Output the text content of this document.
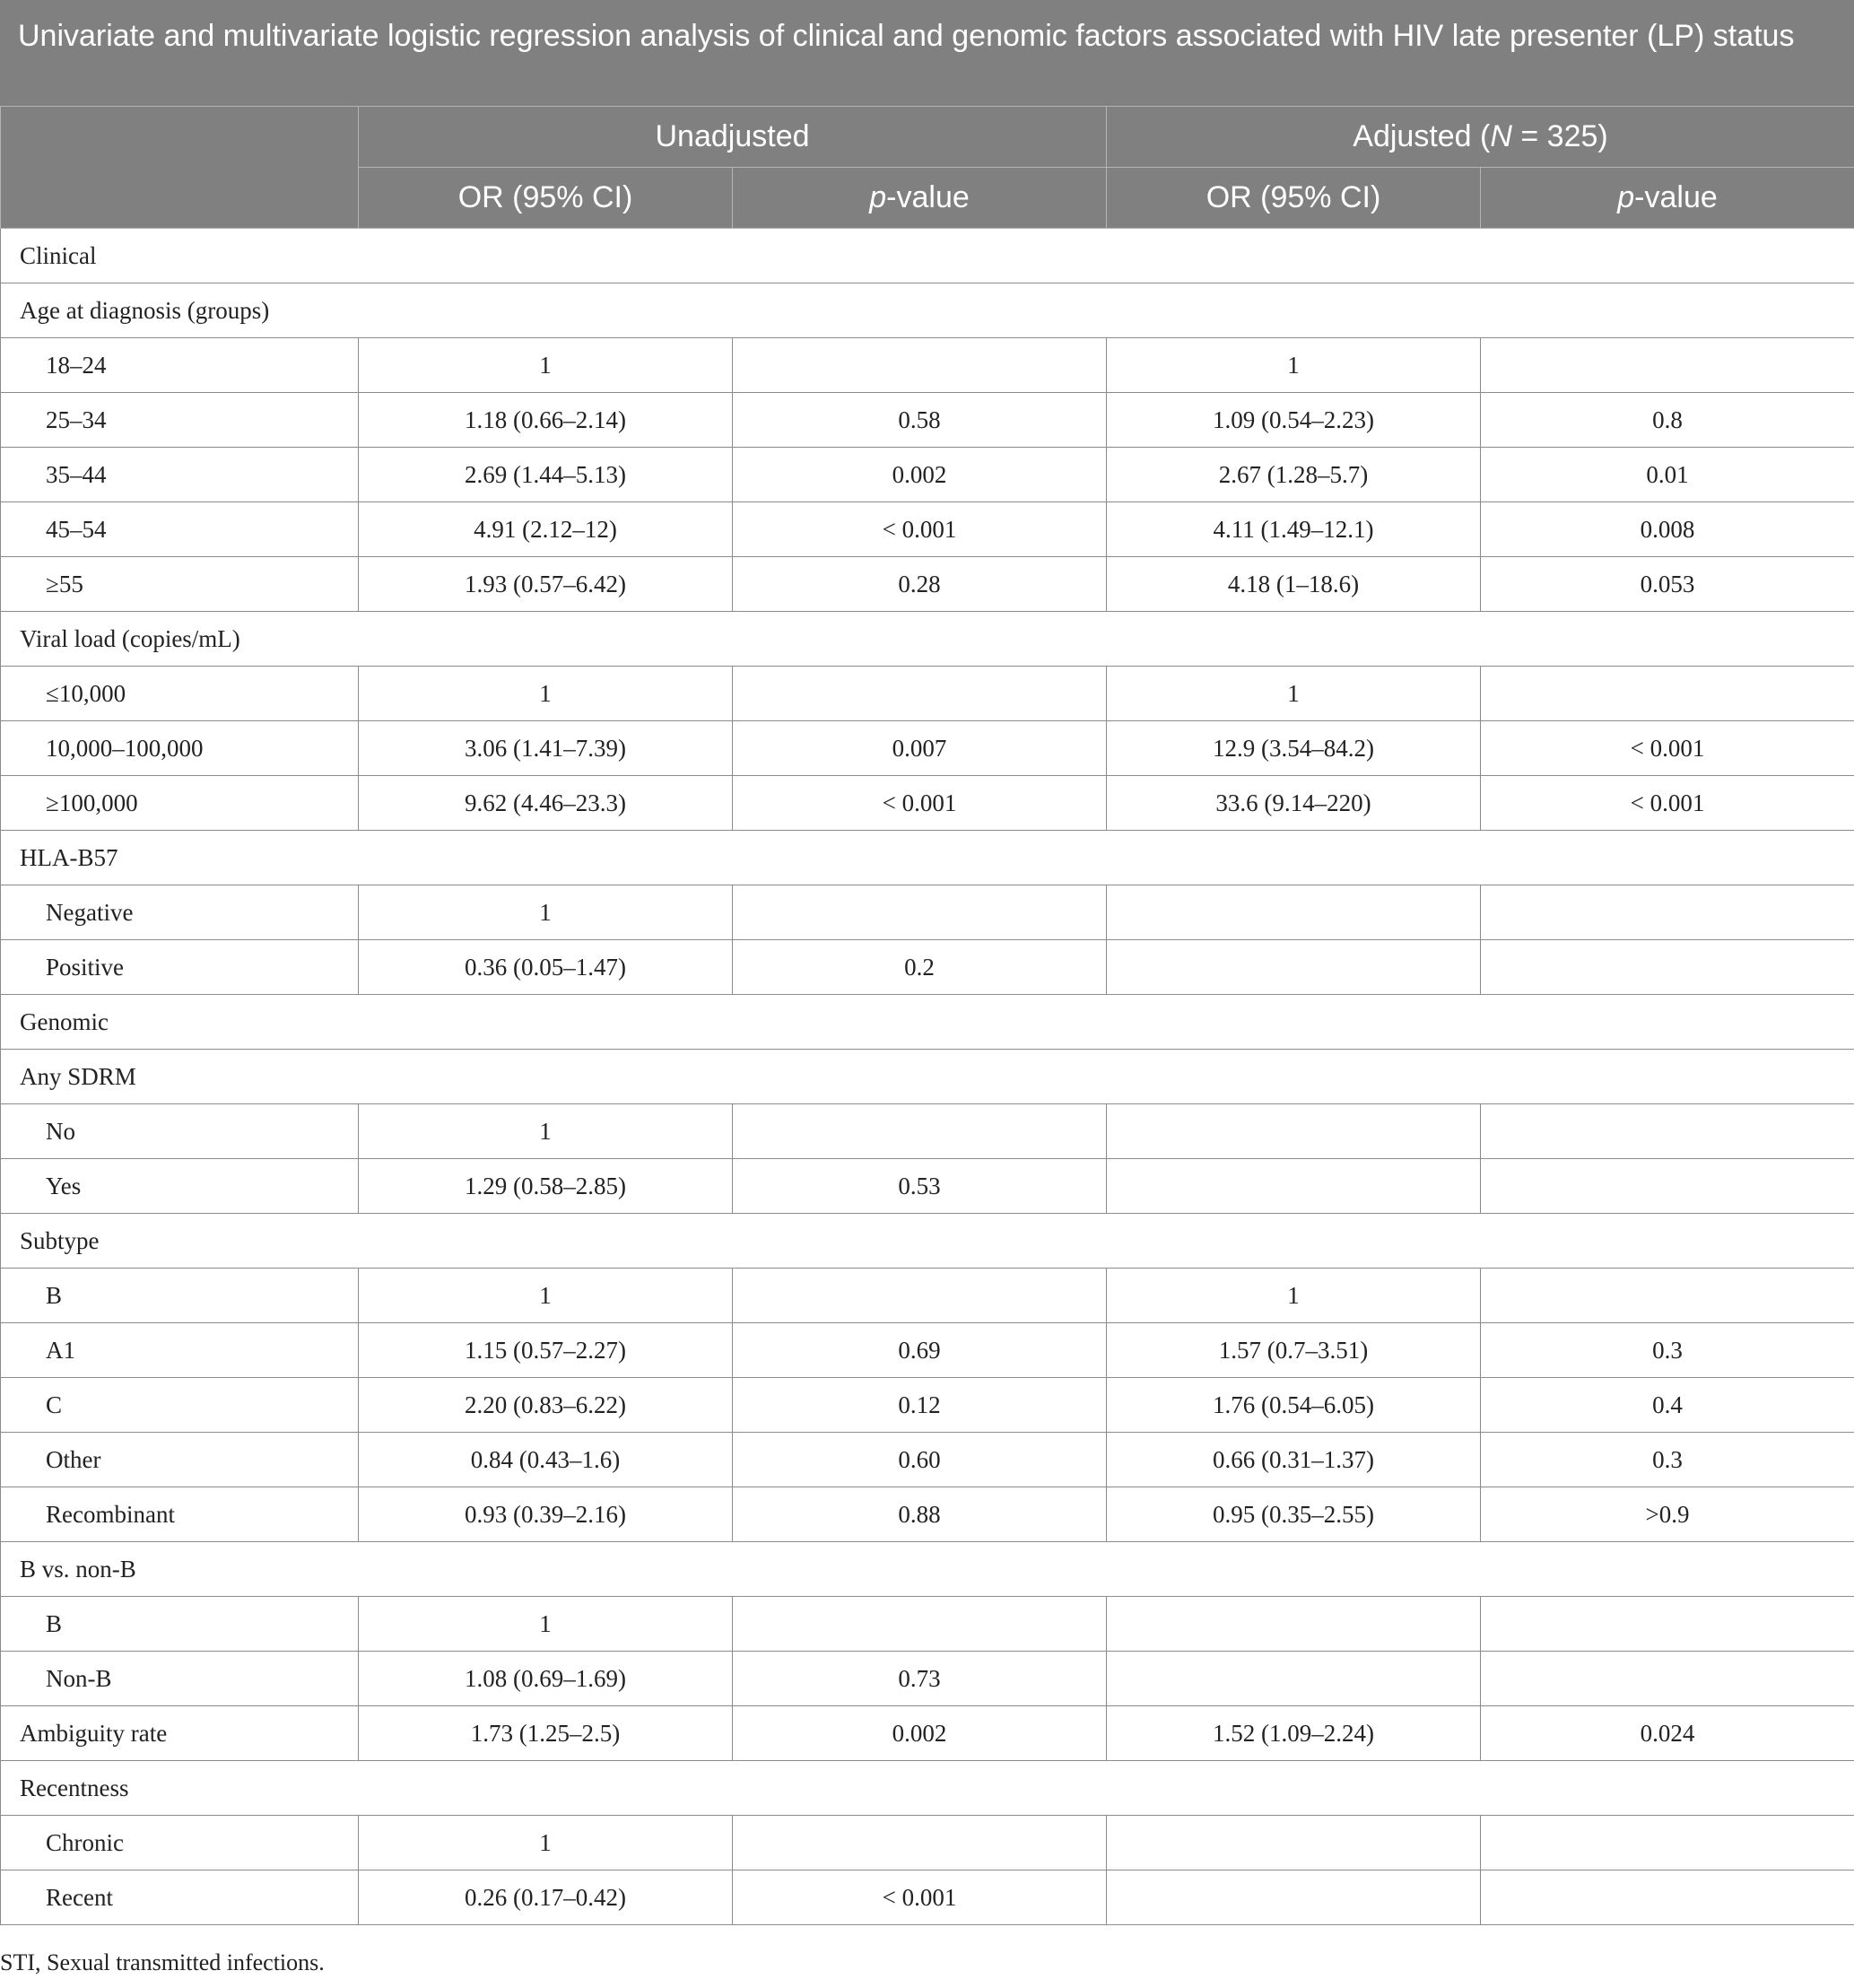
Univariate and multivariate logistic regression analysis of clinical and genomic factors associated with HIV late presenter (LP) status
	Unadjusted		Adjusted (N = 325)	
	OR (95% CI)	p-value	OR (95% CI)	p-value
Clinical				
Age at diagnosis (groups)				
18–24	1		1	
25–34	1.18 (0.66–2.14)	0.58	1.09 (0.54–2.23)	0.8
35–44	2.69 (1.44–5.13)	0.002	2.67 (1.28–5.7)	0.01
45–54	4.91 (2.12–12)	< 0.001	4.11 (1.49–12.1)	0.008
≥55	1.93 (0.57–6.42)	0.28	4.18 (1–18.6)	0.053
Viral load (copies/mL)				
≤10,000	1		1	
10,000–100,000	3.06 (1.41–7.39)	0.007	12.9 (3.54–84.2)	< 0.001
≥100,000	9.62 (4.46–23.3)	< 0.001	33.6 (9.14–220)	< 0.001
HLA-B57				
Negative	1			
Positive	0.36 (0.05–1.47)	0.2		
Genomic				
Any SDRM				
No	1			
Yes	1.29 (0.58–2.85)	0.53		
Subtype				
B	1		1	
A1	1.15 (0.57–2.27)	0.69	1.57 (0.7–3.51)	0.3
C	2.20 (0.83–6.22)	0.12	1.76 (0.54–6.05)	0.4
Other	0.84 (0.43–1.6)	0.60	0.66 (0.31–1.37)	0.3
Recombinant	0.93 (0.39–2.16)	0.88	0.95 (0.35–2.55)	>0.9
B vs. non-B				
B	1			
Non-B	1.08 (0.69–1.69)	0.73		
Ambiguity rate	1.73 (1.25–2.5)	0.002	1.52 (1.09–2.24)	0.024
Recentness				
Chronic	1			
Recent	0.26 (0.17–0.42)	< 0.001		
STI, Sexual transmitted infections.
